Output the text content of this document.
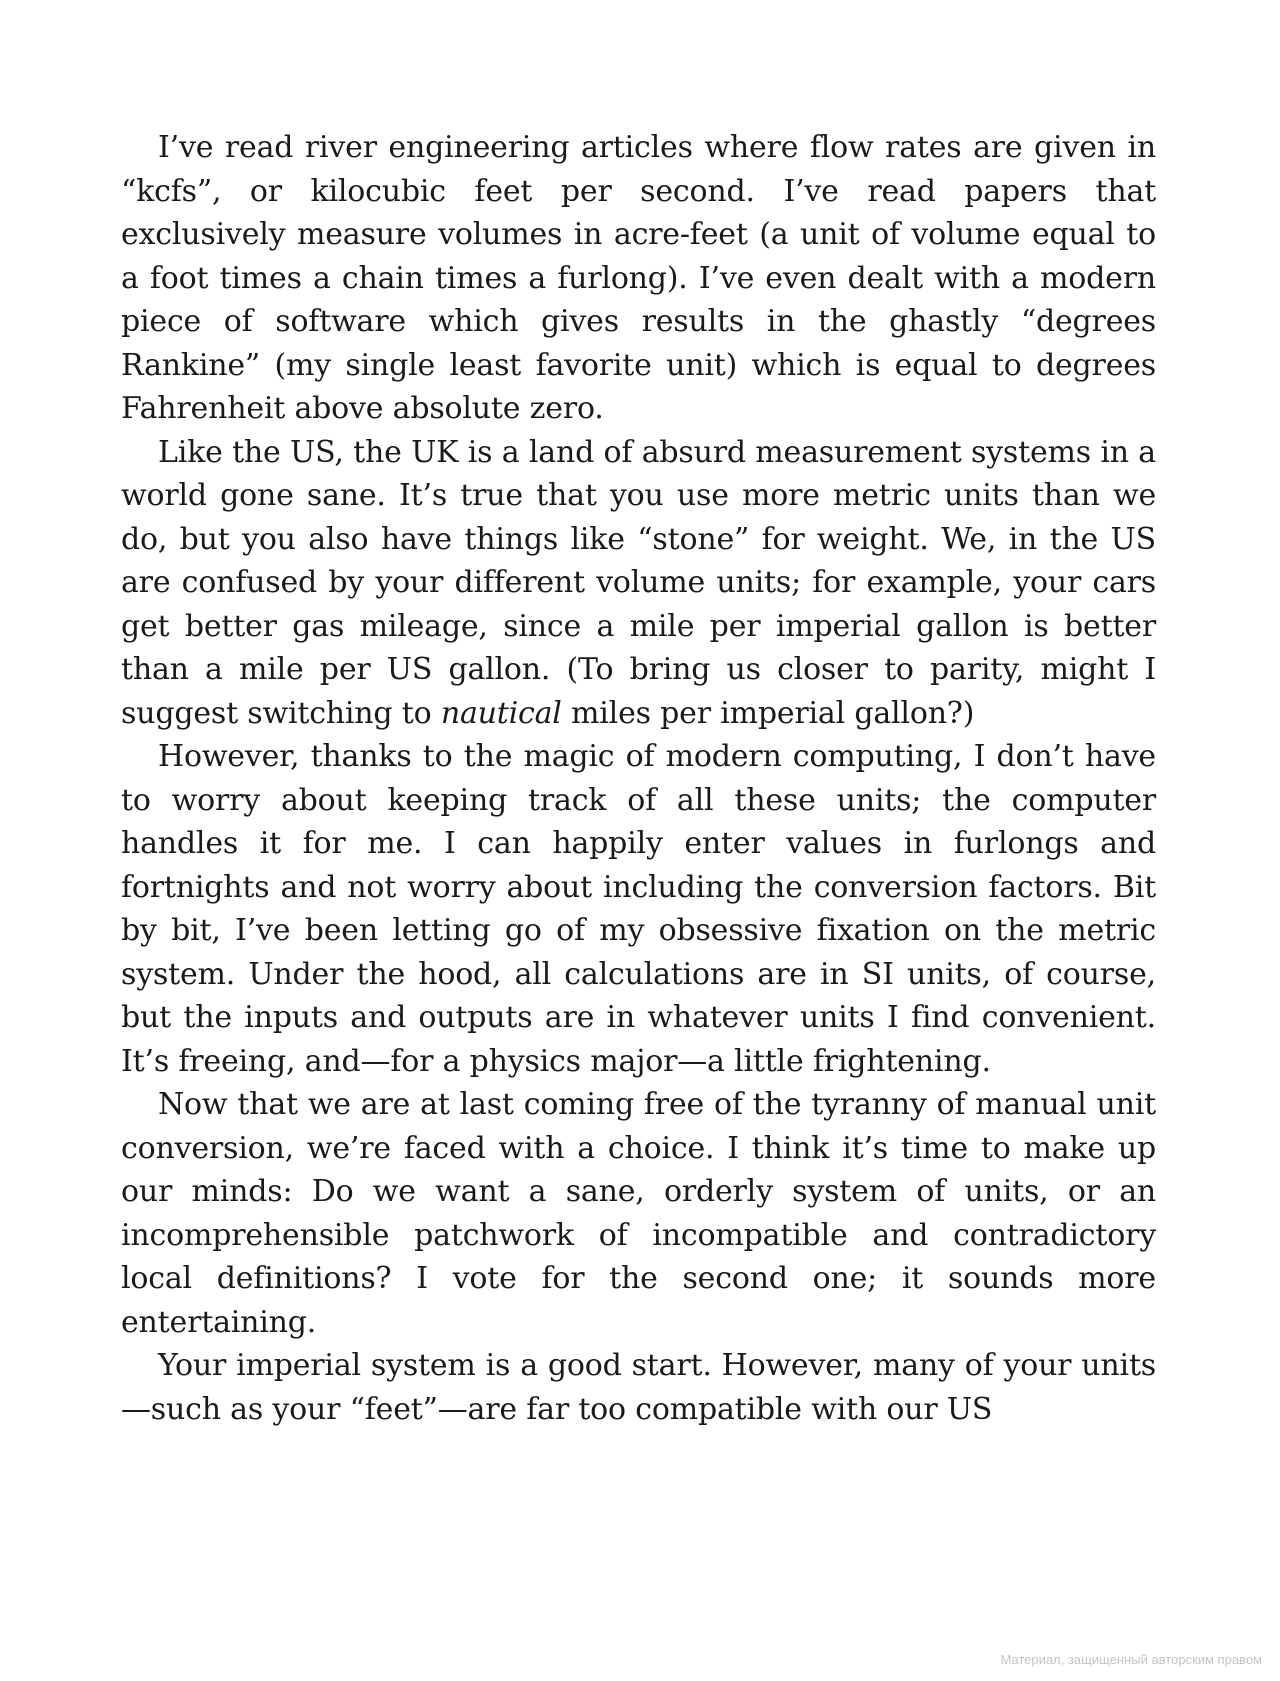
I’ve read river engineering articles where flow rates are given in “kcfs”, or kilocubic feet per second. I’ve read papers that exclusively measure volumes in acre-feet (a unit of volume equal to a foot times a chain times a furlong). I’ve even dealt with a modern piece of software which gives results in the ghastly “degrees Rankine” (my single least favorite unit) which is equal to degrees Fahrenheit above absolute zero.

Like the US, the UK is a land of absurd measurement systems in a world gone sane. It’s true that you use more metric units than we do, but you also have things like “stone” for weight. We, in the US are confused by your different volume units; for example, your cars get better gas mileage, since a mile per imperial gallon is better than a mile per US gallon. (To bring us closer to parity, might I suggest switching to nautical miles per imperial gallon?)

However, thanks to the magic of modern computing, I don’t have to worry about keeping track of all these units; the computer handles it for me. I can happily enter values in furlongs and fortnights and not worry about including the conversion factors. Bit by bit, I’ve been letting go of my obsessive fixation on the metric system. Under the hood, all calculations are in SI units, of course, but the inputs and outputs are in whatever units I find convenient. It’s freeing, and—for a physics major—a little frightening.

Now that we are at last coming free of the tyranny of manual unit conversion, we’re faced with a choice. I think it’s time to make up our minds: Do we want a sane, orderly system of units, or an incomprehensible patchwork of incompatible and contradictory local definitions? I vote for the second one; it sounds more entertaining.

Your imperial system is a good start. However, many of your units—such as your “feet”—are far too compatible with our US

Материал, защищенный авторским правом
